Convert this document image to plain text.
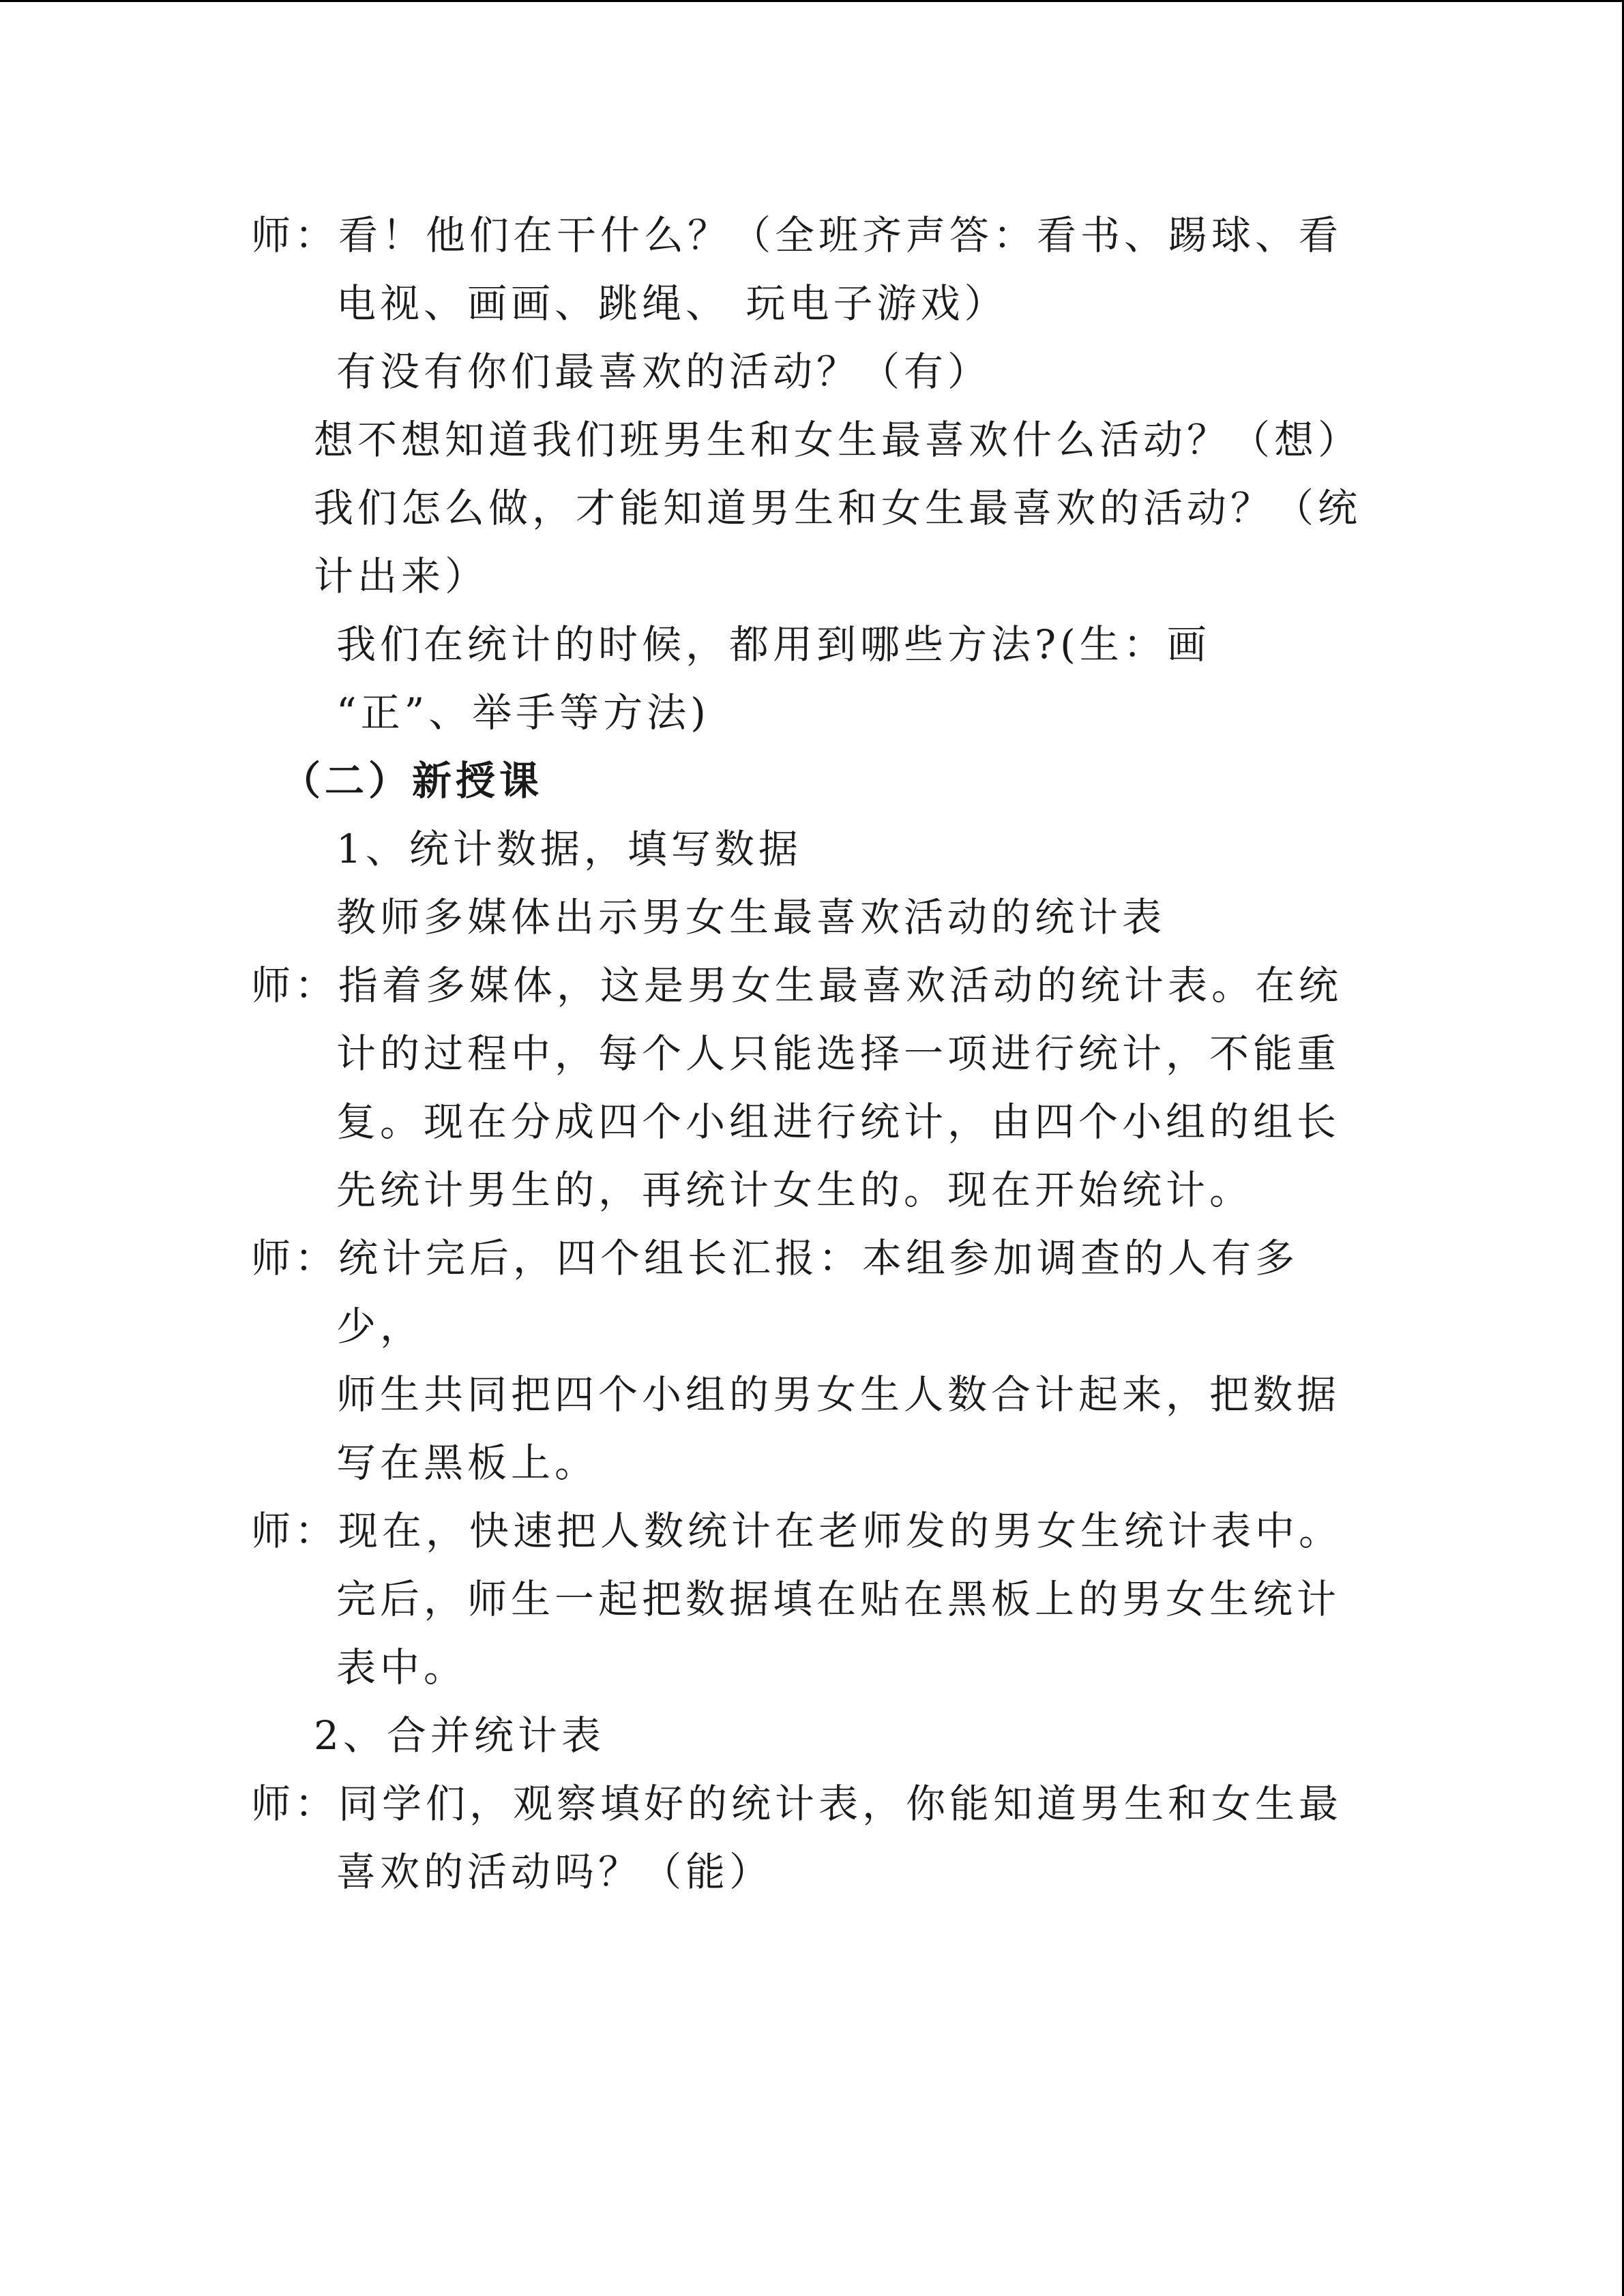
师：看！他们在干什么？（全班齐声答：看书、踢球、看
电视、画画、跳绳、 玩电子游戏）
有没有你们最喜欢的活动？（有）
想不想知道我们班男生和女生最喜欢什么活动？（想）
我们怎么做，才能知道男生和女生最喜欢的活动？（统
计出来）
我们在统计的时候，都用到哪些方法?(生：画
“正”、举手等方法)
（二）新授课
1、统计数据，填写数据
教师多媒体出示男女生最喜欢活动的统计表
师：指着多媒体，这是男女生最喜欢活动的统计表。在统
计的过程中，每个人只能选择一项进行统计，不能重
复。现在分成四个小组进行统计，由四个小组的组长
先统计男生的，再统计女生的。现在开始统计。
师：统计完后，四个组长汇报：本组参加调查的人有多
少，
师生共同把四个小组的男女生人数合计起来，把数据
写在黑板上。
师：现在，快速把人数统计在老师发的男女生统计表中。
完后，师生一起把数据填在贴在黑板上的男女生统计
表中。
2、合并统计表
师：同学们，观察填好的统计表，你能知道男生和女生最
喜欢的活动吗？（能）
